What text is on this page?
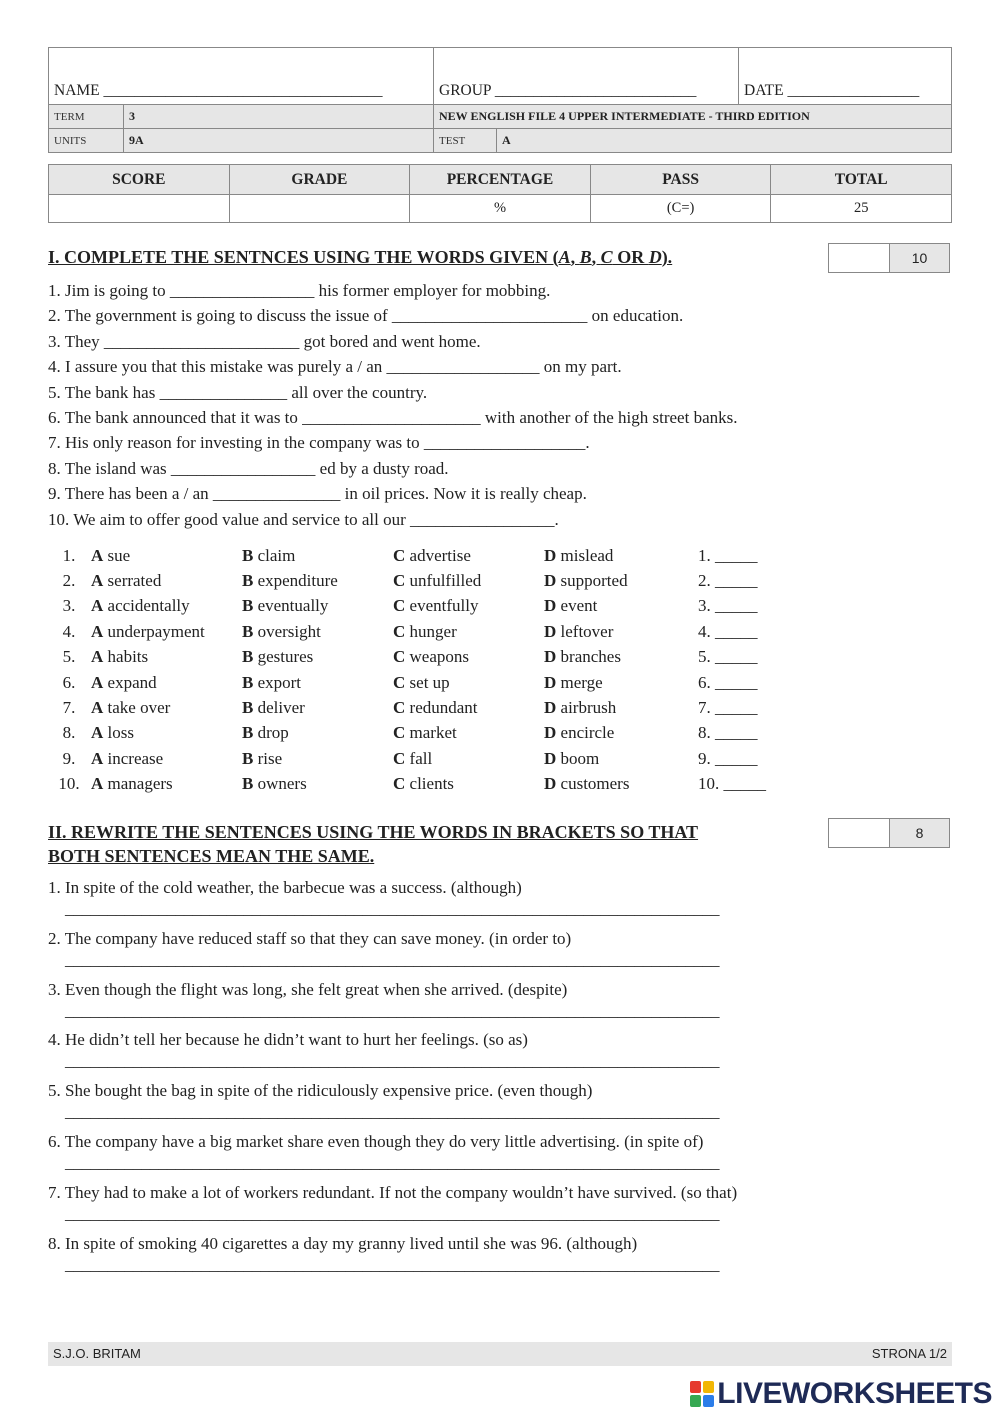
NAME ____________________________________		GROUP __________________________		DATE _________________
TERM	3	NEW ENGLISH FILE 4 UPPER INTERMEDIATE - THIRD EDITION		
UNITS	9A	TEST	A	
SCORE	GRADE	PERCENTAGE	PASS	TOTAL
		%	(C=)	25
I. COMPLETE THE SENTNCES USING THE WORDS GIVEN (A, B, C OR D).	10
1. Jim is going to _________________ his former employer for mobbing.
2. The government is going to discuss the issue of _______________________ on education.
3. They _______________________ got bored and went home.
4. I assure you that this mistake was purely a / an __________________ on my part.
5. The bank has _______________ all over the country.
6. The bank announced that it was to _____________________ with another of the high street banks.
7. His only reason for investing in the company was to ___________________.
8. The island was _________________ ed by a dusty road.
9. There has been a / an _______________ in oil prices. Now it is really cheap.
10. We aim to offer good value and service to all our _________________.
1.	A sue	B claim	C advertise	D mislead	1. _____
2.	A serrated	B expenditure	C unfulfilled	D supported	2. _____
3.	A accidentally	B eventually	C eventfully	D event	3. _____
4.	A underpayment	B oversight	C hunger	D leftover	4. _____
5.	A habits	B gestures	C weapons	D branches	5. _____
6.	A expand	B export	C set up	D merge	6. _____
7.	A take over	B deliver	C redundant	D airbrush	7. _____
8.	A loss	B drop	C market	D encircle	8. _____
9.	A increase	B rise	C fall	D boom	9. _____
10.	A managers	B owners	C clients	D customers	10. _____
II. REWRITE THE SENTENCES USING THE WORDS IN BRACKETS SO THAT
BOTH SENTENCES MEAN THE SAME.
8
1. In spite of the cold weather, the barbecue was a success. (although)
_____________________________________________________________________________
2. The company have reduced staff so that they can save money. (in order to)
_____________________________________________________________________________
3. Even though the flight was long, she felt great when she arrived. (despite)
_____________________________________________________________________________
4. He didn’t tell her because he didn’t want to hurt her feelings. (so as)
_____________________________________________________________________________
5. She bought the bag in spite of the ridiculously expensive price. (even though)
_____________________________________________________________________________
6. The company have a big market share even though they do very little advertising. (in spite of)
_____________________________________________________________________________
7. They had to make a lot of workers redundant. If not the company wouldn’t have survived. (so that)
_____________________________________________________________________________
8. In spite of smoking 40 cigarettes a day my granny lived until she was 96. (although)
_____________________________________________________________________________
S.J.O. BRITAM	STRONA 1/2
LIVEWORKSHEETS
